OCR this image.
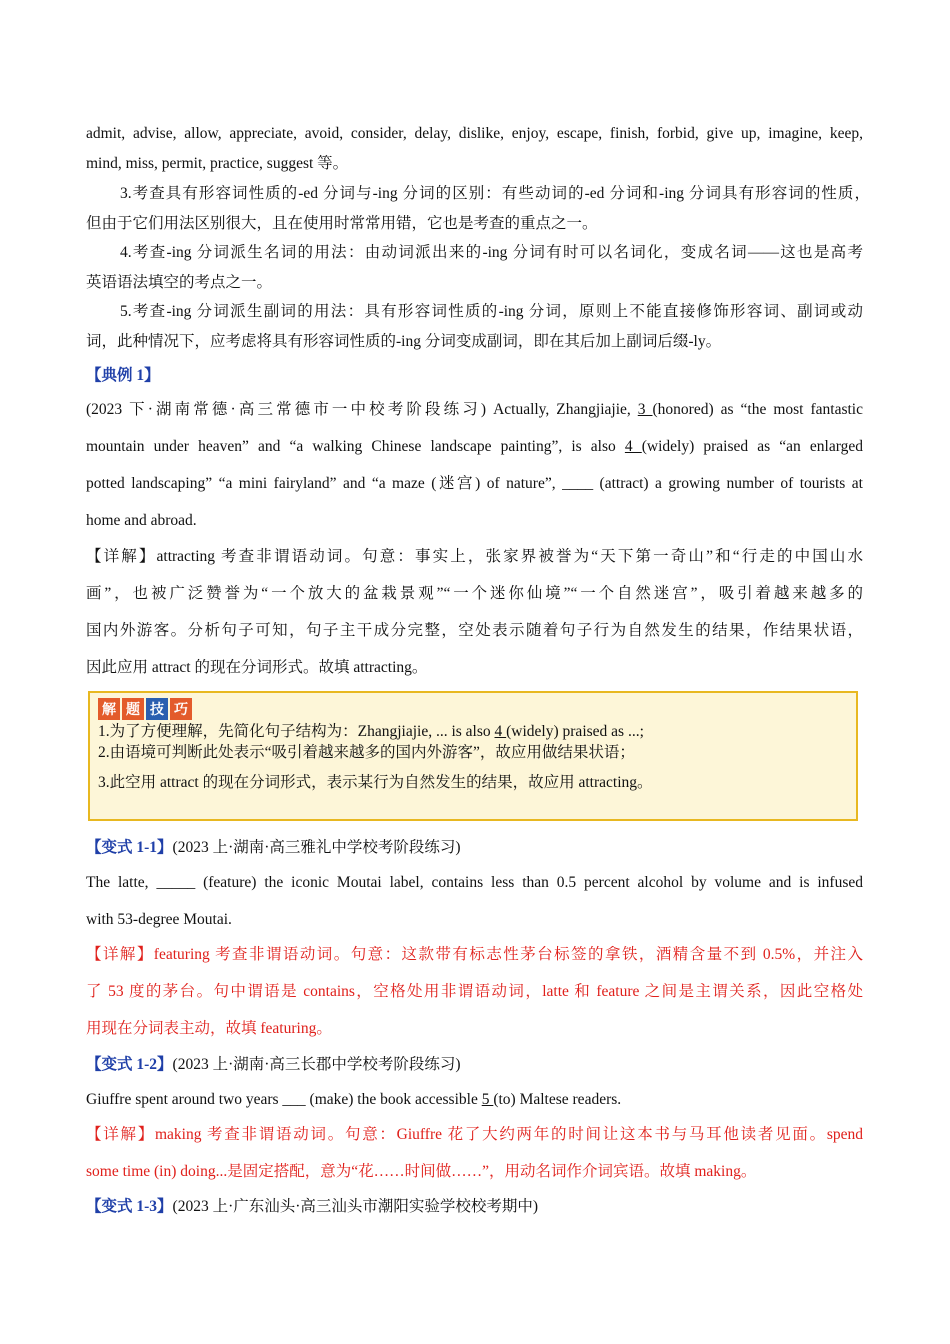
admit, advise, allow, appreciate, avoid, consider, delay, dislike, enjoy, escape, finish, forbid, give up, imagine, keep,
mind, miss, permit, practice, suggest 等。
3.考查具有形容词性质的-ed 分词与-ing 分词的区别：有些动词的-ed 分词和-ing 分词具有形容词的性质，
但由于它们用法区别很大，且在使用时常常用错，它也是考查的重点之一。
4.考查-ing 分词派生名词的用法：由动词派出来的-ing 分词有时可以名词化，变成名词——这也是高考
英语语法填空的考点之一。
5.考查-ing 分词派生副词的用法：具有形容词性质的-ing 分词，原则上不能直接修饰形容词、副词或动
词，此种情况下，应考虑将具有形容词性质的-ing 分词变成副词，即在其后加上副词后缀-ly。
【典例 1】
(2023 下·湖南常德·高三常德市一中校考阶段练习) Actually, Zhangjiajie, 3 (honored) as “the most fantastic
mountain under heaven” and “a walking Chinese landscape painting”, is also 4 (widely) praised as “an enlarged
potted landscaping” “a mini fairyland” and “a maze (迷宫) of nature”, ____ (attract) a growing number of tourists at
home and abroad.
【详解】attracting 考查非谓语动词。句意：事实上，张家界被誉为“天下第一奇山”和“行走的中国山水
画”，也被广泛赞誉为“一个放大的盆栽景观”“一个迷你仙境”“一个自然迷宫”，吸引着越来越多的
国内外游客。分析句子可知，句子主干成分完整，空处表示随着句子行为自然发生的结果，作结果状语，
因此应用 attract 的现在分词形式。故填 attracting。
解 题 技 巧
1.为了方便理解，先简化句子结构为：Zhangjiajie, ... is also 4 (widely) praised as ...;
2.由语境可判断此处表示“吸引着越来越多的国内外游客”，故应用做结果状语；
3.此空用 attract 的现在分词形式，表示某行为自然发生的结果，故应用 attracting。
【变式 1-1】(2023 上·湖南·高三雅礼中学校考阶段练习)
The latte, _____ (feature) the iconic Moutai label, contains less than 0.5 percent alcohol by volume and is infused
with 53-degree Moutai.
【详解】featuring 考查非谓语动词。句意：这款带有标志性茅台标签的拿铁，酒精含量不到 0.5%，并注入
了 53 度的茅台。句中谓语是 contains，空格处用非谓语动词，latte 和 feature 之间是主谓关系，因此空格处
用现在分词表主动，故填 featuring。
【变式 1-2】(2023 上·湖南·高三长郡中学校考阶段练习)
Giuffre spent around two years ___ (make) the book accessible 5 (to) Maltese readers.
【详解】making 考查非谓语动词。句意：Giuffre 花了大约两年的时间让这本书与马耳他读者见面。spend
some time (in) doing...是固定搭配，意为“花……时间做……”，用动名词作介词宾语。故填 making。
【变式 1-3】(2023 上·广东汕头·高三汕头市潮阳实验学校校考期中)
